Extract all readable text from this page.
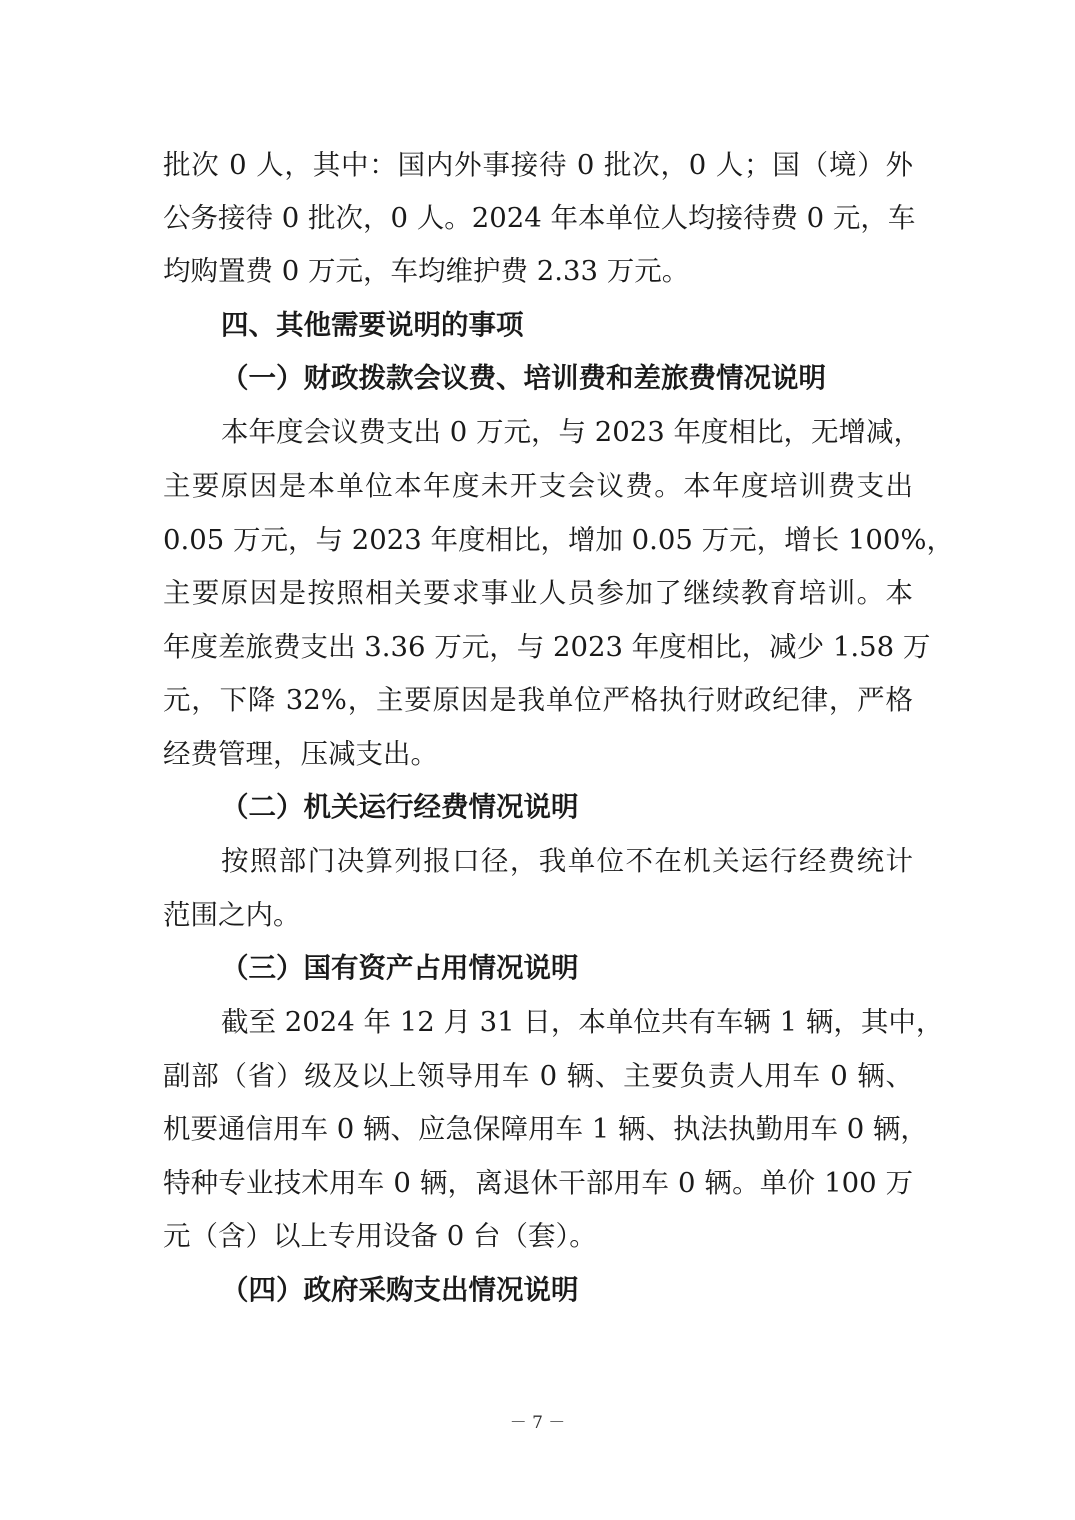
批次 0 人，其中：国内外事接待 0 批次，0 人；国（境）外
公务接待 0 批次，0 人。2024 年本单位人均接待费 0 元，车
均购置费 0 万元，车均维护费 2.33 万元。
四、其他需要说明的事项
（一）财政拨款会议费、培训费和差旅费情况说明
本年度会议费支出 0 万元，与 2023 年度相比，无增减，
主要原因是本单位本年度未开支会议费。本年度培训费支出
0.05 万元，与 2023 年度相比，增加 0.05 万元，增长 100%，
主要原因是按照相关要求事业人员参加了继续教育培训。本
年度差旅费支出 3.36 万元，与 2023 年度相比，减少 1.58 万
元，下降 32%，主要原因是我单位严格执行财政纪律，严格
经费管理，压减支出。
（二）机关运行经费情况说明
按照部门决算列报口径，我单位不在机关运行经费统计
范围之内。
（三）国有资产占用情况说明
截至 2024 年 12 月 31 日，本单位共有车辆 1 辆，其中，
副部（省）级及以上领导用车 0 辆、主要负责人用车 0 辆、
机要通信用车 0 辆、应急保障用车 1 辆、执法执勤用车 0 辆，
特种专业技术用车 0 辆，离退休干部用车 0 辆。单价 100 万
元（含）以上专用设备 0 台（套）。
（四）政府采购支出情况说明
－ 7 －
